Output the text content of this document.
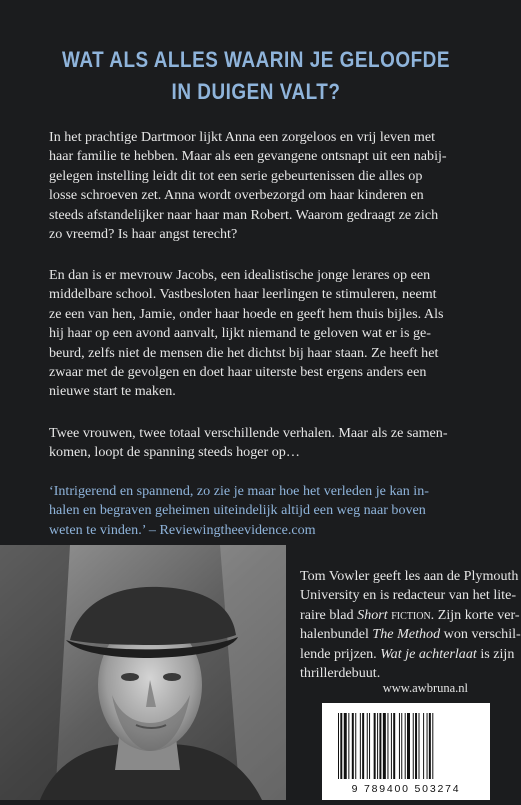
WAT ALS ALLES WAARIN JE GELOOFDE
IN DUIGEN VALT?
In het prachtige Dartmoor lijkt Anna een zorgeloos en vrij leven met
haar familie te hebben. Maar als een gevangene ontsnapt uit een nabij-
gelegen instelling leidt dit tot een serie gebeurtenissen die alles op
losse schroeven zet. Anna wordt overbezorgd om haar kinderen en
steeds afstandelijker naar haar man Robert. Waarom gedraagt ze zich
zo vreemd? Is haar angst terecht?
En dan is er mevrouw Jacobs, een idealistische jonge lerares op een
middelbare school. Vastbesloten haar leerlingen te stimuleren, neemt
ze een van hen, Jamie, onder haar hoede en geeft hem thuis bijles. Als
hij haar op een avond aanvalt, lijkt niemand te geloven wat er is ge-
beurd, zelfs niet de mensen die het dichtst bij haar staan. Ze heeft het
zwaar met de gevolgen en doet haar uiterste best ergens anders een
nieuwe start te maken.
Twee vrouwen, twee totaal verschillende verhalen. Maar als ze samen-
komen, loopt de spanning steeds hoger op…
‘Intrigerend en spannend, zo zie je maar hoe het verleden je kan in-
halen en begraven geheimen uiteindelijk altijd een weg naar boven
weten te vinden.’ – Reviewingtheevidence.com
Tom Vowler geeft les aan de Plymouth
University en is redacteur van het lite-
raire blad Short fiction. Zijn korte ver-
halenbundel The Method won verschil-
lende prijzen. Wat je achterlaat is zijn
thrillerdebuut.
www.awbruna.nl
9 789400 503274
